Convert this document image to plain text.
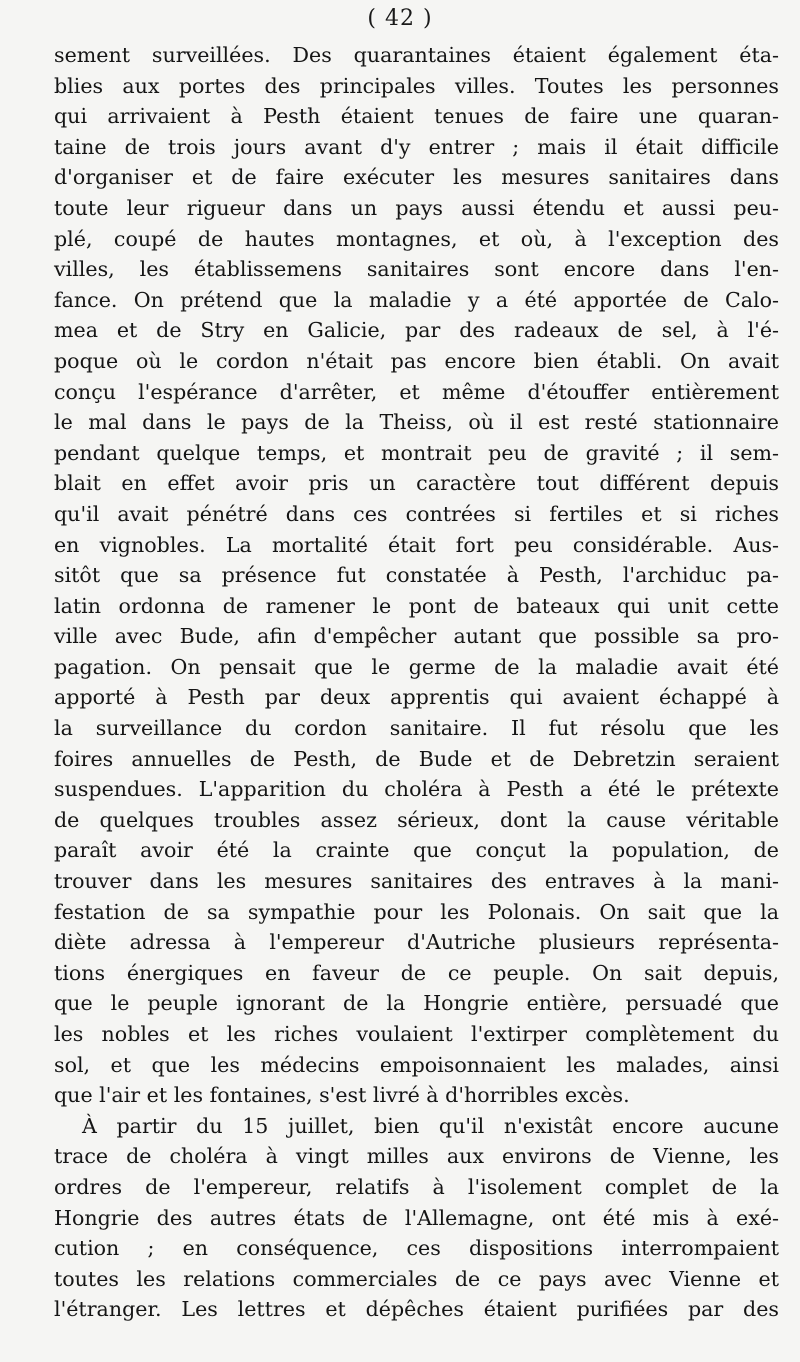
( 42 )
sement surveillées. Des quarantaines étaient également éta-
blies aux portes des principales villes. Toutes les personnes
qui arrivaient à Pesth étaient tenues de faire une quaran-
taine de trois jours avant d'y entrer ; mais il était difficile
d'organiser et de faire exécuter les mesures sanitaires dans
toute leur rigueur dans un pays aussi étendu et aussi peu-
plé, coupé de hautes montagnes, et où, à l'exception des
villes, les établissemens sanitaires sont encore dans l'en-
fance. On prétend que la maladie y a été apportée de Calo-
mea et de Stry en Galicie, par des radeaux de sel, à l'é-
poque où le cordon n'était pas encore bien établi. On avait
conçu l'espérance d'arrêter, et même d'étouffer entièrement
le mal dans le pays de la Theiss, où il est resté stationnaire
pendant quelque temps, et montrait peu de gravité ; il sem-
blait en effet avoir pris un caractère tout différent depuis
qu'il avait pénétré dans ces contrées si fertiles et si riches
en vignobles. La mortalité était fort peu considérable. Aus-
sitôt que sa présence fut constatée à Pesth, l'archiduc pa-
latin ordonna de ramener le pont de bateaux qui unit cette
ville avec Bude, afin d'empêcher autant que possible sa pro-
pagation. On pensait que le germe de la maladie avait été
apporté à Pesth par deux apprentis qui avaient échappé à
la surveillance du cordon sanitaire. Il fut résolu que les
foires annuelles de Pesth, de Bude et de Debretzin seraient
suspendues. L'apparition du choléra à Pesth a été le prétexte
de quelques troubles assez sérieux, dont la cause véritable
paraît avoir été la crainte que conçut la population, de
trouver dans les mesures sanitaires des entraves à la mani-
festation de sa sympathie pour les Polonais. On sait que la
diète adressa à l'empereur d'Autriche plusieurs représenta-
tions énergiques en faveur de ce peuple. On sait depuis,
que le peuple ignorant de la Hongrie entière, persuadé que
les nobles et les riches voulaient l'extirper complètement du
sol, et que les médecins empoisonnaient les malades, ainsi
que l'air et les fontaines, s'est livré à d'horribles excès.
À partir du 15 juillet, bien qu'il n'existât encore aucune
trace de choléra à vingt milles aux environs de Vienne, les
ordres de l'empereur, relatifs à l'isolement complet de la
Hongrie des autres états de l'Allemagne, ont été mis à exé-
cution ; en conséquence, ces dispositions interrompaient
toutes les relations commerciales de ce pays avec Vienne et
l'étranger. Les lettres et dépêches étaient purifiées par des
